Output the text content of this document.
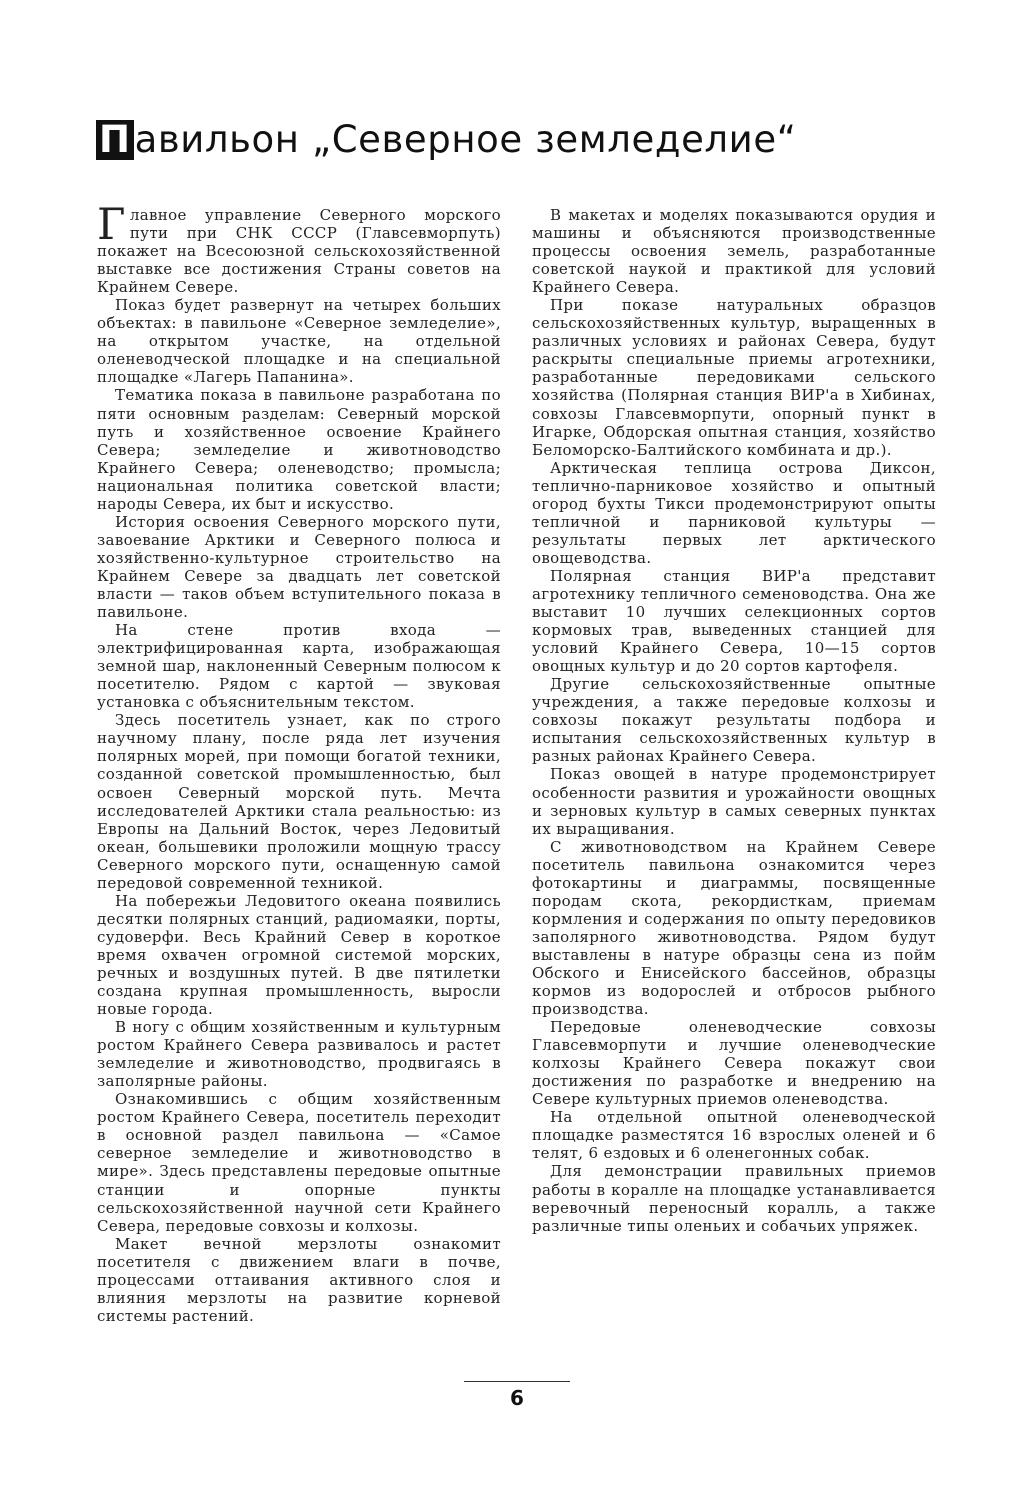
П авильон „Северное земледелие“

Главное управление Северного морского пути при СНК СССР (Главсевморпуть) покажет на Всесоюзной сельскохозяйственной выставке все достижения Страны советов на Крайнем Севере.

Показ будет развернут на четырех больших объектах: в павильоне «Северное земледелие», на открытом участке, на отдельной оленеводческой площадке и на специальной площадке «Лагерь Папанина».

Тематика показа в павильоне разработана по пяти основным разделам: Северный морской путь и хозяйственное освоение Крайнего Севера; земледелие и животноводство Крайнего Севера; оленеводство; промысла; национальная политика советской власти; народы Севера, их быт и искусство.

История освоения Северного морского пути, завоевание Арктики и Северного полюса и хозяйственно-культурное строительство на Крайнем Севере за двадцать лет советской власти — таков объем вступительного показа в павильоне.

На стене против входа — электрифицированная карта, изображающая земной шар, наклоненный Северным полюсом к посетителю. Рядом с картой — звуковая установка с объяснительным текстом.

Здесь посетитель узнает, как по строго научному плану, после ряда лет изучения полярных морей, при помощи богатой техники, созданной советской промышленностью, был освоен Северный морской путь. Мечта исследователей Арктики стала реальностью: из Европы на Дальний Восток, через Ледовитый океан, большевики проложили мощную трассу Северного морского пути, оснащенную самой передовой современной техникой.

На побережьи Ледовитого океана появились десятки полярных станций, радиомаяки, порты, судоверфи. Весь Крайний Север в короткое время охвачен огромной системой морских, речных и воздушных путей. В две пятилетки создана крупная промышленность, выросли новые города.

В ногу с общим хозяйственным и культурным ростом Крайнего Севера развивалось и растет земледелие и животноводство, продвигаясь в заполярные районы.

Ознакомившись с общим хозяйственным ростом Крайнего Севера, посетитель переходит в основной раздел павильона — «Самое северное земледелие и животноводство в мире». Здесь представлены передовые опытные станции и опорные пункты сельскохозяйственной научной сети Крайнего Севера, передовые совхозы и колхозы.

Макет вечной мерзлоты ознакомит посетителя с движением влаги в почве, процессами оттаивания активного слоя и влияния мерзлоты на развитие корневой системы растений.

В макетах и моделях показываются орудия и машины и объясняются производственные процессы освоения земель, разработанные советской наукой и практикой для условий Крайнего Севера.

При показе натуральных образцов сельскохозяйственных культур, выращенных в различных условиях и районах Севера, будут раскрыты специальные приемы агротехники, разработанные передовиками сельского хозяйства (Полярная станция ВИР'а в Хибинах, совхозы Главсевморпути, опорный пункт в Игарке, Обдорская опытная станция, хозяйство Беломорско-Балтийского комбината и др.).

Арктическая теплица острова Диксон, теплично-парниковое хозяйство и опытный огород бухты Тикси продемонстрируют опыты тепличной и парниковой культуры — результаты первых лет арктического овощеводства.

Полярная станция ВИР'а представит агротехнику тепличного семеноводства. Она же выставит 10 лучших селекционных сортов кормовых трав, выведенных станцией для условий Крайнего Севера, 10—15 сортов овощных культур и до 20 сортов картофеля.

Другие сельскохозяйственные опытные учреждения, а также передовые колхозы и совхозы покажут результаты подбора и испытания сельскохозяйственных культур в разных районах Крайнего Севера.

Показ овощей в натуре продемонстрирует особенности развития и урожайности овощных и зерновых культур в самых северных пунктах их выращивания.

С животноводством на Крайнем Севере посетитель павильона ознакомится через фотокартины и диаграммы, посвященные породам скота, рекордисткам, приемам кормления и содержания по опыту передовиков заполярного животноводства. Рядом будут выставлены в натуре образцы сена из пойм Обского и Енисейского бассейнов, образцы кормов из водорослей и отбросов рыбного производства.

Передовые оленеводческие совхозы Главсевморпути и лучшие оленеводческие колхозы Крайнего Севера покажут свои достижения по разработке и внедрению на Севере культурных приемов оленеводства.

На отдельной опытной оленеводческой площадке разместятся 16 взрослых оленей и 6 телят, 6 ездовых и 6 оленегонных собак.

Для демонстрации правильных приемов работы в коралле на площадке устанавливается веревочный переносный коралль, а также различные типы оленьих и собачьих упряжек.

6
